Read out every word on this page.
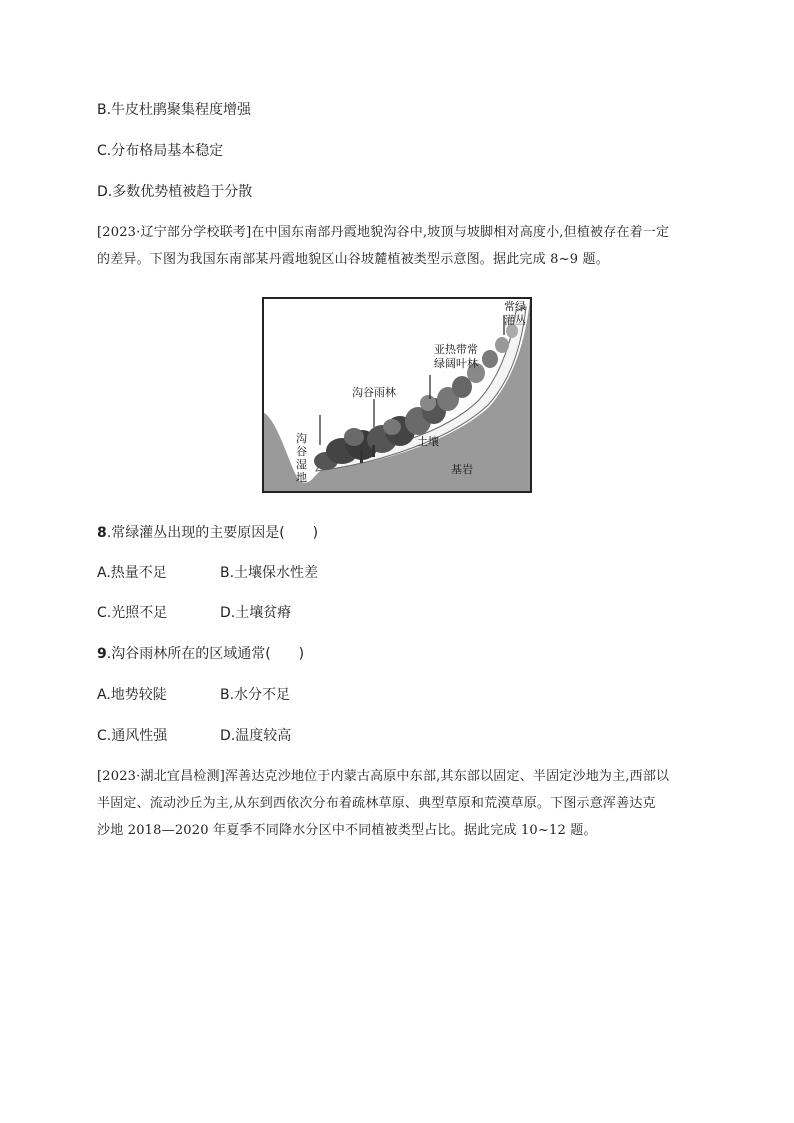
B.牛皮杜鹃聚集程度增强
C.分布格局基本稳定
D.多数优势植被趋于分散
[2023·辽宁部分学校联考]在中国东南部丹霞地貌沟谷中,坡顶与坡脚相对高度小,但植被存在着一定
的差异。下图为我国东南部某丹霞地貌区山谷坡麓植被类型示意图。据此完成 8~9 题。
常绿
灌丛
亚热带常
绿阔叶林
沟谷雨林
沟
谷
湿
地
土壤
基岩
8.常绿灌丛出现的主要原因是(　　)
A.热量不足	B.土壤保水性差
C.光照不足	D.土壤贫瘠
9.沟谷雨林所在的区域通常(　　)
A.地势较陡	B.水分不足
C.通风性强	D.温度较高
[2023·湖北宜昌检测]浑善达克沙地位于内蒙古高原中东部,其东部以固定、半固定沙地为主,西部以
半固定、流动沙丘为主,从东到西依次分布着疏林草原、典型草原和荒漠草原。下图示意浑善达克
沙地 2018—2020 年夏季不同降水分区中不同植被类型占比。据此完成 10~12 题。
